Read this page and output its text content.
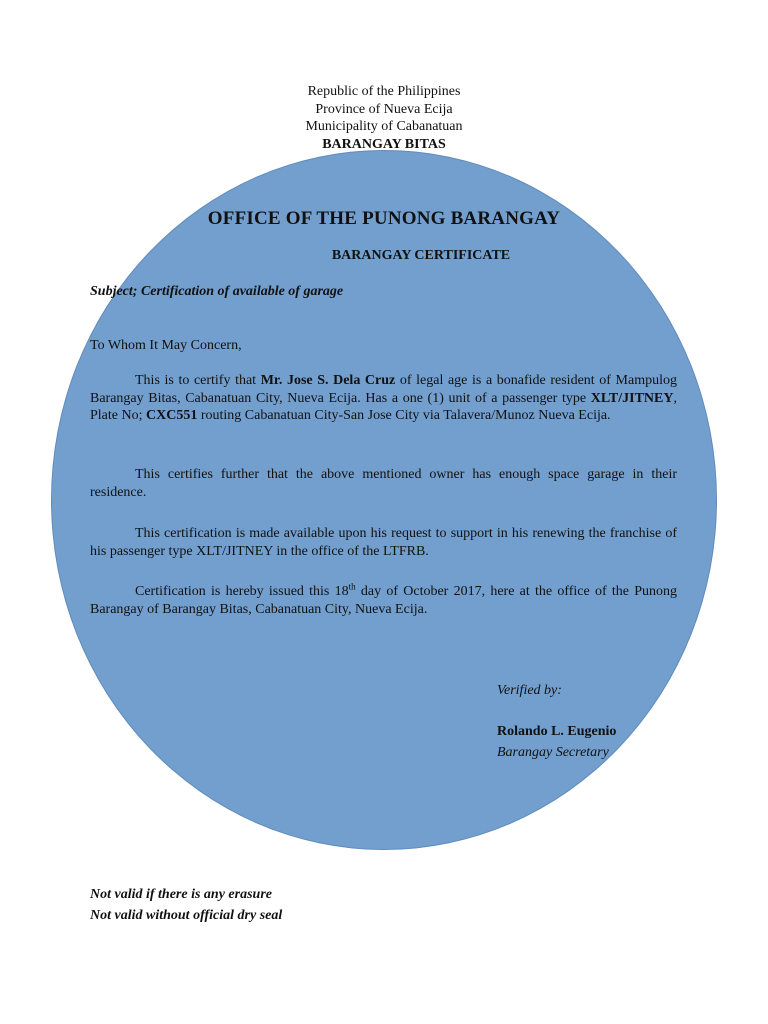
Republic of the Philippines
Province of Nueva Ecija
Municipality of Cabanatuan
BARANGAY BITAS
OFFICE OF THE PUNONG BARANGAY
BARANGAY CERTIFICATE
Subject; Certification of available of garage
To Whom It May Concern,
This is to certify that Mr. Jose S. Dela Cruz of legal age is a bonafide resident of Mampulog Barangay Bitas, Cabanatuan City, Nueva Ecija. Has a one (1) unit of a passenger type XLT/JITNEY, Plate No; CXC551 routing Cabanatuan City-San Jose City via Talavera/Munoz Nueva Ecija.
This certifies further that the above mentioned owner has enough space garage in their residence.
This certification is made available upon his request to support in his renewing the franchise of his passenger type XLT/JITNEY in the office of the LTFRB.
Certification is hereby issued this 18th day of October 2017, here at the office of the Punong Barangay of Barangay Bitas, Cabanatuan City, Nueva Ecija.
Verified by:
Rolando L. Eugenio
Barangay Secretary
Not valid if there is any erasure
Not valid without official dry seal
